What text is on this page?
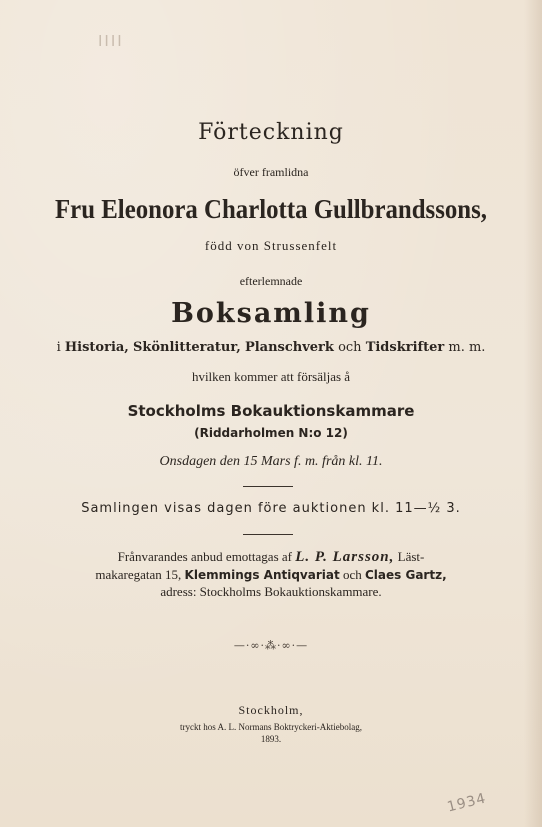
IIII
Förteckning
öfver framlidna
Fru Eleonora Charlotta Gullbrandssons,
född von Strussenfelt
efterlemnade
Boksamling
i Historia, Skönlitteratur, Planschverk och Tidskrifter m. m.
hvilken kommer att försäljas å
Stockholms Bokauktionskammare
(Riddarholmen N:o 12)
Onsdagen den 15 Mars f. m. från kl. 11.
Samlingen visas dagen före auktionen kl. 11—½ 3.
Frånvarandes anbud emottagas af L. P. Larsson, Läst-
makaregatan 15, Klemmings Antiqvariat och Claes Gartz,
adress: Stockholms Bokauktionskammare.
—·∞·⁂·∞·—
Stockholm,
tryckt hos A. L. Normans Boktryckeri-Aktiebolag,
1893.
1934
